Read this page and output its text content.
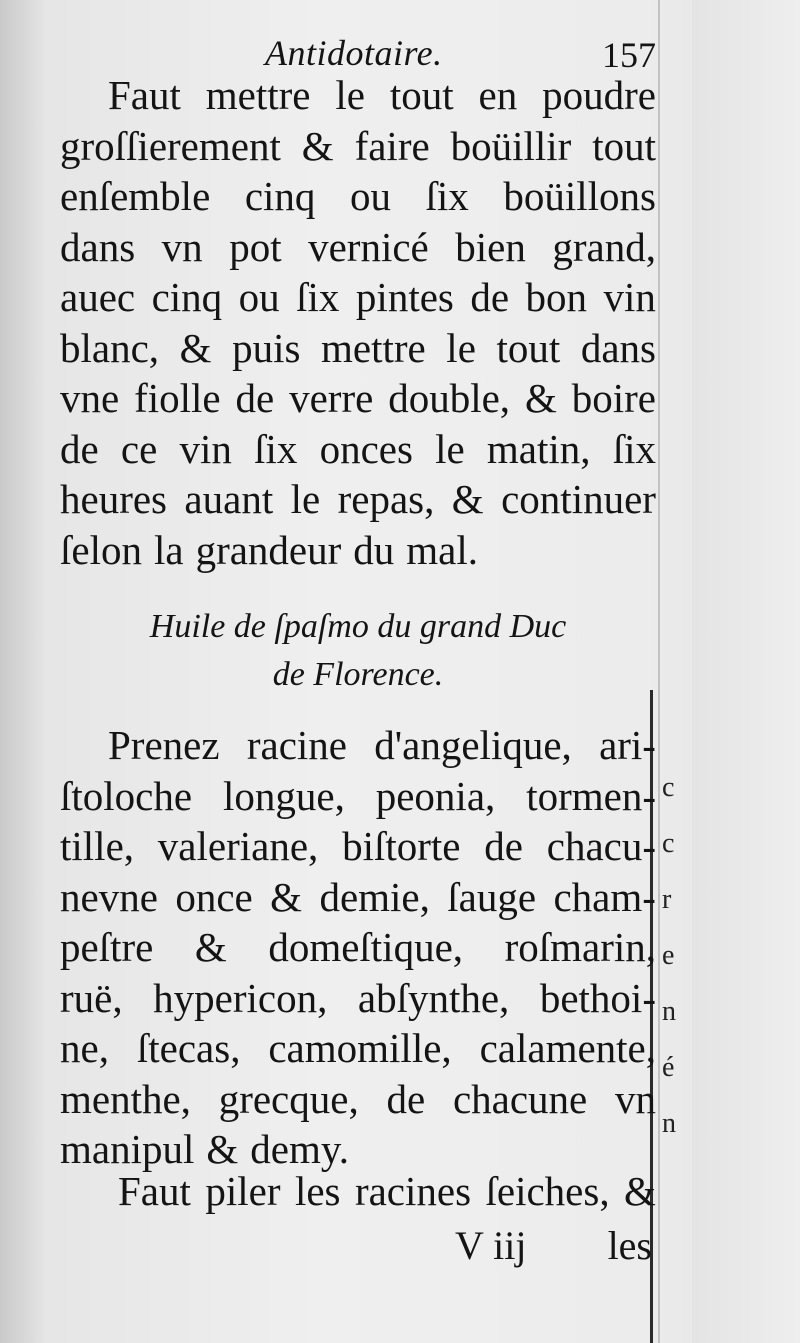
Antidotaire.	157
Faut mettre le tout en poudre
groſſierement & faire boüillir tout
enſemble cinq ou ſix boüillons
dans vn pot vernicé bien grand,
auec cinq ou ſix pintes de bon vin
blanc, & puis mettre le tout dans
vne fiolle de verre double, & boire
de ce vin ſix onces le matin, ſix
heures auant le repas, & continuer
ſelon la grandeur du mal.
Huile de ſpaſmo du grand Duc
de Florence.
Prenez racine d'angelique, ari-
ſtoloche longue, peonia, tormen-
tille, valeriane, biſtorte de chacu-
nevne once & demie, ſauge cham-
peſtre & domeſtique, roſmarin,
ruë, hypericon, abſynthe, bethoi-
ne, ſtecas, camomille, calamente,
menthe, grecque, de chacune vn
manipul & demy.
Faut piler les racines ſeiches, &
V iij les
c
c
r
e
n
é
n
